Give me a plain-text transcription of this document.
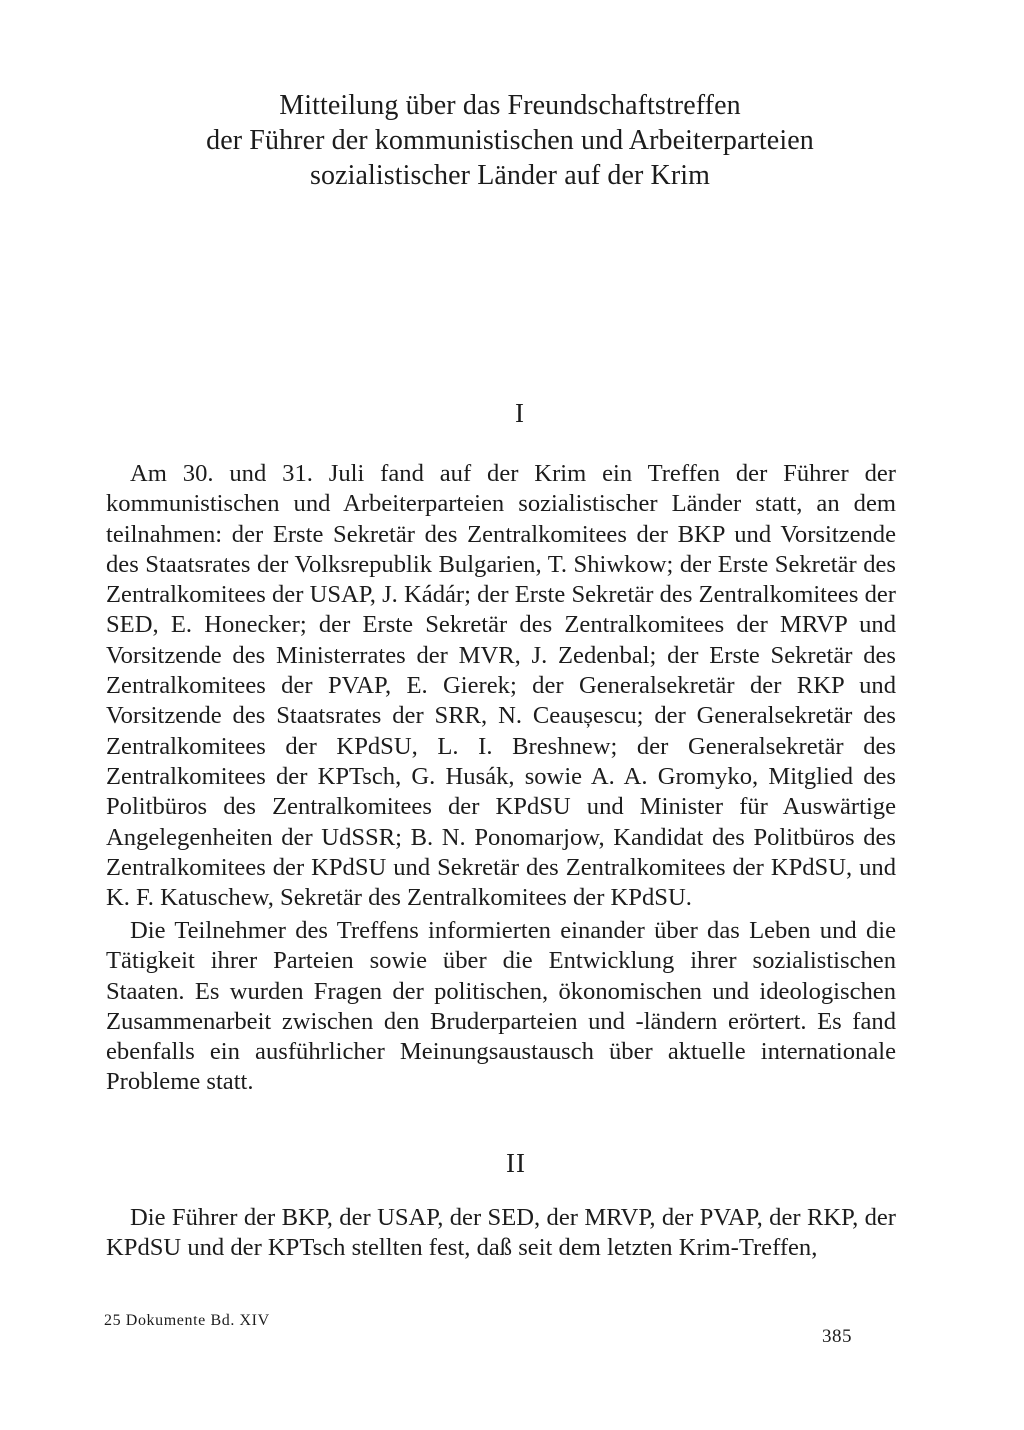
Mitteilung über das Freundschaftstreffen
der Führer der kommunistischen und Arbeiterparteien
sozialistischer Länder auf der Krim
I

Am 30. und 31. Juli fand auf der Krim ein Treffen der Führer der kommunistischen und Arbeiterparteien sozialistischer Länder statt, an dem teilnahmen: der Erste Sekretär des Zentralkomitees der BKP und Vorsitzende des Staatsrates der Volksrepublik Bulgarien, T. Shiwkow; der Erste Sekretär des Zentralkomitees der USAP, J. Kádár; der Erste Sekretär des Zentralkomitees der SED, E. Honecker; der Erste Sekretär des Zentralkomitees der MRVP und Vorsitzende des Ministerrates der MVR, J. Zedenbal; der Erste Sekretär des Zentralkomitees der PVAP, E. Gierek; der Generalsekretär der RKP und Vorsitzende des Staatsrates der SRR, N. Ceaușescu; der Generalsekretär des Zentralkomitees der KPdSU, L. I. Breshnew; der Generalsekretär des Zentralkomitees der KPTsch, G. Husák, sowie A. A. Gromyko, Mitglied des Politbüros des Zentralkomitees der KPdSU und Minister für Auswärtige Angelegenheiten der UdSSR; B. N. Ponomarjow, Kandidat des Politbüros des Zentralkomitees der KPdSU und Sekretär des Zentralkomitees der KPdSU, und K. F. Katuschew, Sekretär des Zentralkomitees der KPdSU.

Die Teilnehmer des Treffens informierten einander über das Leben und die Tätigkeit ihrer Parteien sowie über die Entwicklung ihrer sozialistischen Staaten. Es wurden Fragen der politischen, ökonomischen und ideologischen Zusammenarbeit zwischen den Bruderparteien und -ländern erörtert. Es fand ebenfalls ein ausführlicher Meinungsaustausch über aktuelle internationale Probleme statt.

II

Die Führer der BKP, der USAP, der SED, der MRVP, der PVAP, der RKP, der KPdSU und der KPTsch stellten fest, daß seit dem letzten Krim-Treffen,

25 Dokumente Bd. XIV
385
